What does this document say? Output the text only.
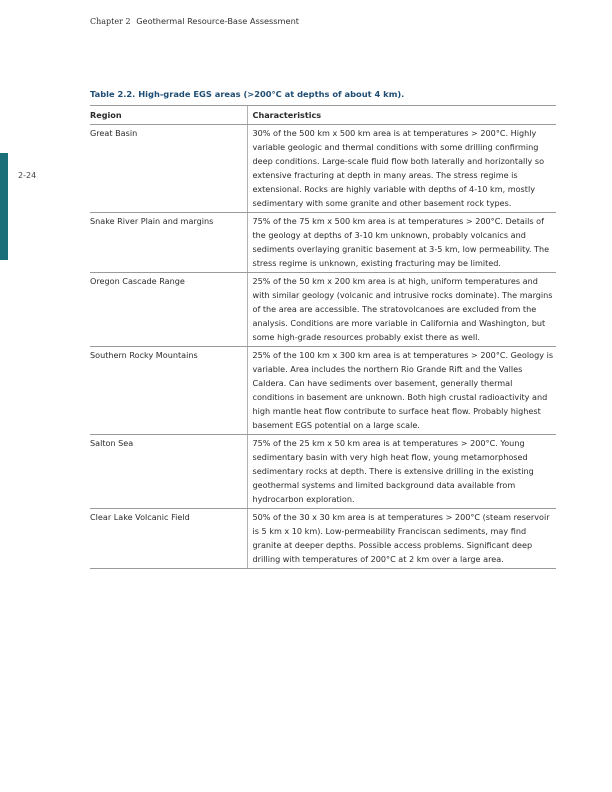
Chapter 2 Geothermal Resource-Base Assessment
2-24
Table 2.2. High-grade EGS areas (>200°C at depths of about 4 km).
Region	Characteristics
Great Basin	30% of the 500 km x 500 km area is at temperatures > 200°C. Highly variable geologic and thermal conditions with some drilling confirming deep conditions. Large-scale fluid flow both laterally and horizontally so extensive fracturing at depth in many areas. The stress regime is extensional. Rocks are highly variable with depths of 4-10 km, mostly sedimentary with some granite and other basement rock types.
Snake River Plain and margins	75% of the 75 km x 500 km area is at temperatures > 200°C. Details of the geology at depths of 3-10 km unknown, probably volcanics and sediments overlaying granitic basement at 3-5 km, low permeability. The stress regime is unknown, existing fracturing may be limited.
Oregon Cascade Range	25% of the 50 km x 200 km area is at high, uniform temperatures and with similar geology (volcanic and intrusive rocks dominate). The margins of the area are accessible. The stratovolcanoes are excluded from the analysis. Conditions are more variable in California and Washington, but some high-grade resources probably exist there as well.
Southern Rocky Mountains	25% of the 100 km x 300 km area is at temperatures > 200°C. Geology is variable. Area includes the northern Rio Grande Rift and the Valles Caldera. Can have sediments over basement, generally thermal conditions in basement are unknown. Both high crustal radioactivity and high mantle heat flow contribute to surface heat flow. Probably highest basement EGS potential on a large scale.
Salton Sea	75% of the 25 km x 50 km area is at temperatures > 200°C. Young sedimentary basin with very high heat flow, young metamorphosed sedimentary rocks at depth. There is extensive drilling in the existing geothermal systems and limited background data available from hydrocarbon exploration.
Clear Lake Volcanic Field	50% of the 30 x 30 km area is at temperatures > 200°C (steam reservoir is 5 km x 10 km). Low-permeability Franciscan sediments, may find granite at deeper depths. Possible access problems. Significant deep drilling with temperatures of 200°C at 2 km over a large area.
